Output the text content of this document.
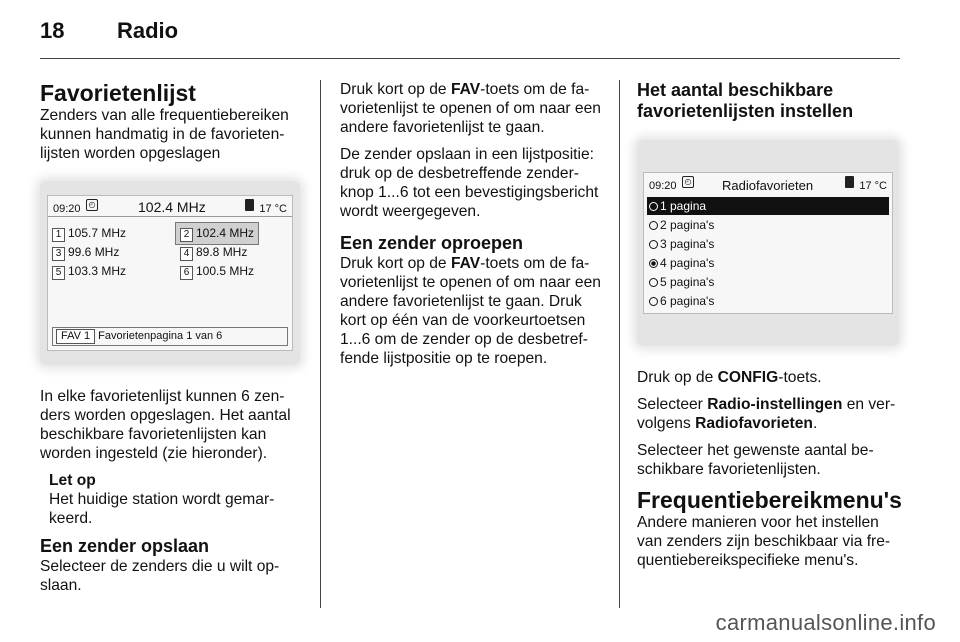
18 Radio
Favorietenlijst

Zenders van alle frequentiebereiken kunnen handmatig in de favorieten-lijsten worden opgeslagen

09:20 ◴	102.4 MHz	17 °C
1 105.7 MHz	2 102.4 MHz
3 99.6 MHz	4 89.8 MHz
5 103.3 MHz	6 100.5 MHz
FAV 1 Favorietenpagina 1 van 6

In elke favorietenlijst kunnen 6 zen-ders worden opgeslagen. Het aantal beschikbare favorietenlijsten kan worden ingesteld (zie hieronder).

Let op

Het huidige station wordt gemar-keerd.

Een zender opslaan

Selecteer de zenders die u wilt op-slaan.

Druk kort op de FAV-toets om de fa-vorietenlijst te openen of om naar een andere favorietenlijst te gaan.

De zender opslaan in een lijstpositie: druk op de desbetreffende zender-knop 1...6 tot een bevestigingsbericht wordt weergegeven.

Een zender oproepen

Druk kort op de FAV-toets om de fa-vorietenlijst te openen of om naar een andere favorietenlijst te gaan. Druk kort op één van de voorkeurtoetsen 1...6 om de zender op de desbetref-fende lijstpositie op te roepen.

Het aantal beschikbare favorietenlijsten instellen
09:20 ◴ Radiofavorieten	17 °C
1 pagina
2 pagina's
3 pagina's
4 pagina's
5 pagina's
6 pagina's

Druk op de CONFIG-toets.

Selecteer Radio-instellingen en ver-volgens Radiofavorieten.

Selecteer het gewenste aantal be-schikbare favorietenlijsten.

Frequentiebereikmenu's

Andere manieren voor het instellen van zenders zijn beschikbaar via fre-quentiebereikspecifieke menu's.

carmanualsonline.info
